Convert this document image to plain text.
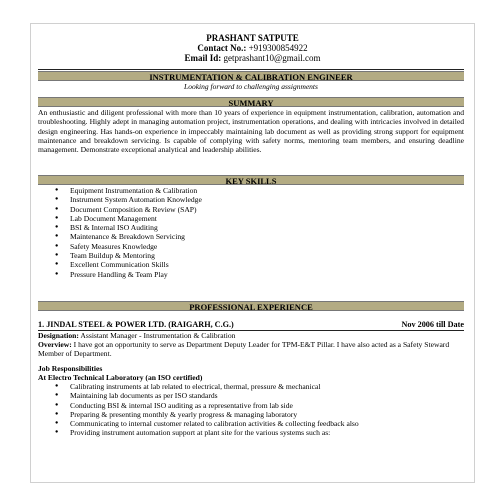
PRASHANT SATPUTE
Contact No.: +919300854922
Email Id: getprashant10@gmail.com
INSTRUMENTATION & CALIBRATION ENGINEER
Looking forward to challenging assignments
SUMMARY
An enthusiastic and diligent professional with more than 10 years of experience in equipment instrumentation, calibration, automation and troubleshooting. Highly adept in managing automation project, instrumentation operations, and dealing with intricacies involved in detailed design engineering. Has hands-on experience in impeccably maintaining lab document as well as providing strong support for equipment maintenance and breakdown servicing. Is capable of complying with safety norms, mentoring team members, and ensuring deadline management. Demonstrate exceptional analytical and leadership abilities.
KEY SKILLS
● Equipment Instrumentation & Calibration
● Instrument System Automation Knowledge
● Document Composition & Review (SAP)
● Lab Document Management
● BSI & Internal ISO Auditing
● Maintenance & Breakdown Servicing
● Safety Measures Knowledge
● Team Buildup & Mentoring
● Excellent Communication Skills
● Pressure Handling & Team Play
PROFESSIONAL EXPERIENCE
1. JINDAL STEEL & POWER LTD. (RAIGARH, C.G.)	Nov 2006 till Date
Designation: Assistant Manager - Instrumentation & Calibration
Overview: I have got an opportunity to serve as Department Deputy Leader for TPM-E&T Pillar. I have also acted as a Safety Steward Member of Department.
Job Responsibilities
At Electro Technical Laboratory (an ISO certified)
● Calibrating instruments at lab related to electrical, thermal, pressure & mechanical
● Maintaining lab documents as per ISO standards
● Conducting BSI & internal ISO auditing as a representative from lab side
● Preparing & presenting monthly & yearly progress & managing laboratory
● Communicating to internal customer related to calibration activities & collecting feedback also
● Providing instrument automation support at plant site for the various systems such as:
